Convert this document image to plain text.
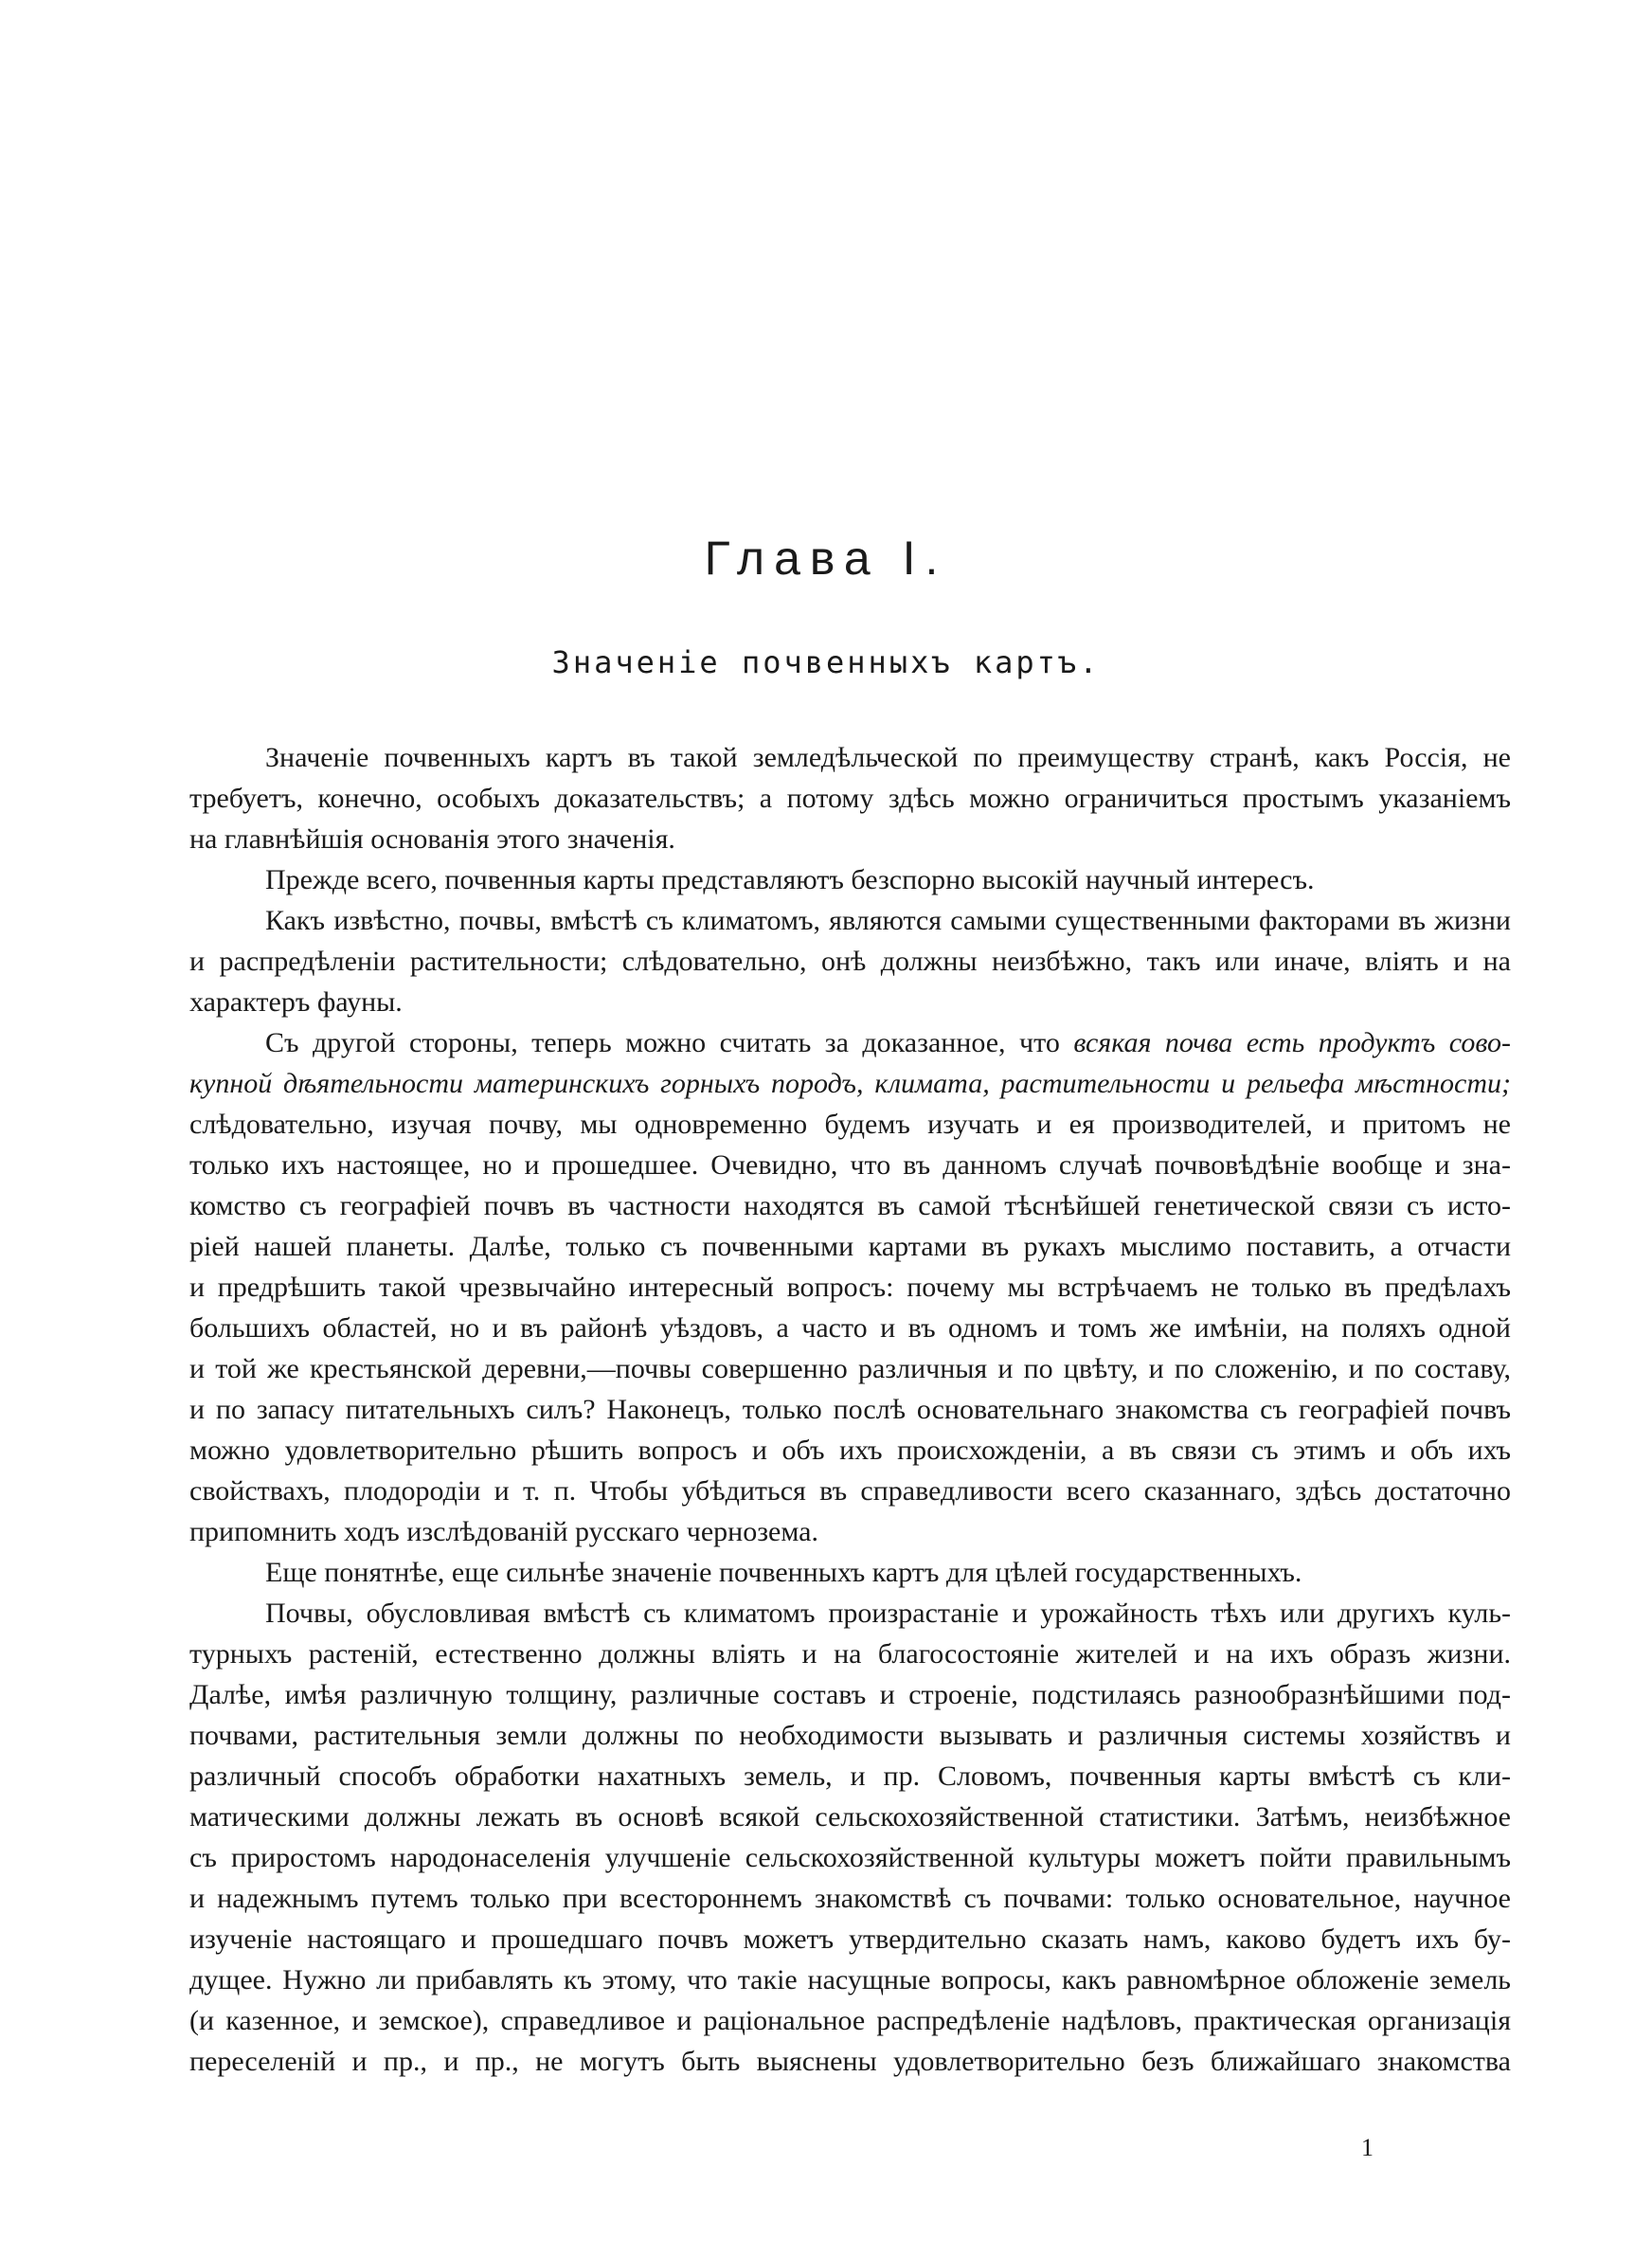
Глава I.
Значеніе почвенныхъ картъ.
Значеніе почвенныхъ картъ въ такой земледѣльческой по преимуществу странѣ, какъ Россія, не
требуетъ, конечно, особыхъ доказательствъ; а потому здѣсь можно ограничиться простымъ указаніемъ
на главнѣйшія основанія этого значенія.
Прежде всего, почвенныя карты представляютъ безспорно высокій научный интересъ.
Какъ извѣстно, почвы, вмѣстѣ съ климатомъ, являются самыми существенными факторами въ жизни
и распредѣленіи растительности; слѣдовательно, онѣ должны неизбѣжно, такъ или иначе, вліять и на
характеръ фауны.
Съ другой стороны, теперь можно считать за доказанное, что всякая почва есть продуктъ сово-
купной дѣятельности материнскихъ горныхъ породъ, климата, растительности и рельефа мѣстности;
слѣдовательно, изучая почву, мы одновременно будемъ изучать и ея производителей, и притомъ не
только ихъ настоящее, но и прошедшее. Очевидно, что въ данномъ случаѣ почвовѣдѣніе вообще и зна-
комство съ географіей почвъ въ частности находятся въ самой тѣснѣйшей генетической связи съ исто-
ріей нашей планеты. Далѣе, только съ почвенными картами въ рукахъ мыслимо поставить, а отчасти
и предрѣшить такой чрезвычайно интересный вопросъ: почему мы встрѣчаемъ не только въ предѣлахъ
большихъ областей, но и въ районѣ уѣздовъ, а часто и въ одномъ и томъ же имѣніи, на поляхъ одной
и той же крестьянской деревни,—почвы совершенно различныя и по цвѣту, и по сложенію, и по составу,
и по запасу питательныхъ силъ? Наконецъ, только послѣ основательнаго знакомства съ географіей почвъ
можно удовлетворительно рѣшить вопросъ и объ ихъ происхожденіи, а въ связи съ этимъ и объ ихъ
свойствахъ, плодородіи и т. п. Чтобы убѣдиться въ справедливости всего сказаннаго, здѣсь достаточно
припомнить ходъ изслѣдованій русскаго чернозема.
Еще понятнѣе, еще сильнѣе значеніе почвенныхъ картъ для цѣлей государственныхъ.
Почвы, обусловливая вмѣстѣ съ климатомъ произрастаніе и урожайность тѣхъ или другихъ куль-
турныхъ растеній, естественно должны вліять и на благосостояніе жителей и на ихъ образъ жизни.
Далѣе, имѣя различную толщину, различные составъ и строеніе, подстилаясь разнообразнѣйшими под-
почвами, растительныя земли должны по необходимости вызывать и различныя системы хозяйствъ и
различный способъ обработки нахатныхъ земель, и пр. Словомъ, почвенныя карты вмѣстѣ съ кли-
матическими должны лежать въ основѣ всякой сельскохозяйственной статистики. Затѣмъ, неизбѣжное
съ приростомъ народонаселенія улучшеніе сельскохозяйственной культуры можетъ пойти правильнымъ
и надежнымъ путемъ только при всестороннемъ знакомствѣ съ почвами: только основательное, научное
изученіе настоящаго и прошедшаго почвъ можетъ утвердительно сказать намъ, каково будетъ ихъ бу-
дущее. Нужно ли прибавлять къ этому, что такіе насущные вопросы, какъ равномѣрное обложеніе земель
(и казенное, и земское), справедливое и раціональное распредѣленіе надѣловъ, практическая организація
переселеній и пр., и пр., не могутъ быть выяснены удовлетворительно безъ ближайшаго знакомства
1
